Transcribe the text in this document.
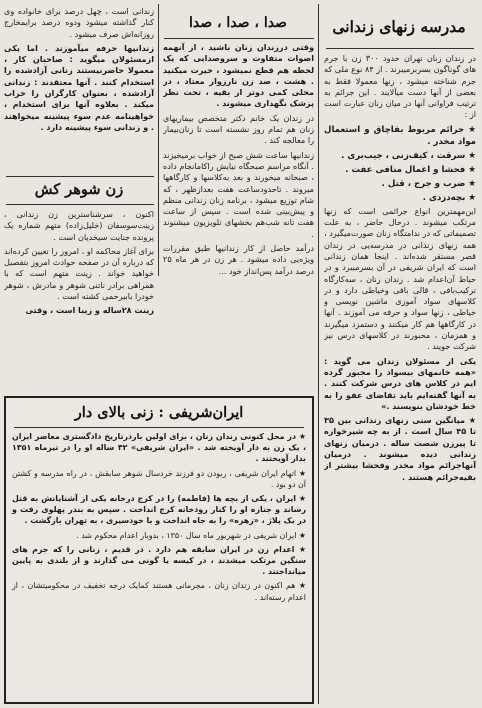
مدرسه زنهای زندانی

در زندان زنان تهران حدود ۳۰۰ زن با جرم های گوناگون بسربرمیبرند . از ۸۴ نوع ملی که جرم شناخته میشود ، زنها معمولا فقط به بعضی از آنها دست میآلایند . این جرائم به ترتیب فراوانی آنها در میان زنان عبارت است از :

★ جرائم مربوط بقاچاق و استعمال مواد مخدر .
★ سرقت ، کیف‌زنی ، جیب‌بری .
★ فحشا و اعمال منافی عفت .
★ ضرب و جرح ، قتل .
★ بچه‌دزدی .

این‌مهمترین انواع جرائمی است که زنها مرتکب میشوند . درحال حاضر ، به علت تصمیماتی که در ندامتگاه زنان صورت‌میگیرد ، همه زنهای زندانی در مدرسه‌یی در زندان قصر مستقر شده‌اند . اینجا همان زندانی است که ایران شریفی در آن بسر‌میبرد و در حیاط آن‌اعدام شد . زندان زنان ، سه‌کارگاه ترکیب‌بافی ، قالی بافی وخیاطی دارد و در کلاسهای سواد آموزی ماشین نویسی و خیاطی ، زنها سواد و حرفه می آموزند . آنها در کارگاهها هم کار میکنند و دستمزد میگیرند و همزمان ، محبورند در کلاسهای درس نیز شرکت جویند .

یکی از مسئولان زندان می گوید : «همه خانمهای بیسواد را مجبور گرده ایم در کلاس های درس شرکت کنند . به آنها گفته‌ایم باید تقاضای عفو را به خط خودشان بنویسند .»

★ میانگین سنی زنهای زندانی بین ۳۵ تا ۴۵ سال است . از به چه شیرخواره تا پیرزن شصت ساله . درمیان زنهای زندانی دیده میشوند . درمیان آنهاجرائم مواد مخدر وفحشا بیشتر از بقیه‌جرائم هستند .

صدا ، صدا ، صدا

وقتی درزندان زنان باشید ، از آنهمه اصوات متفاوت و سروصدایی که یک لحظه هم قطع نمیشود ، حیرت میکنید . هشت ، صد زن نارزوار معتاد ، در محلی کمی دوتر از بقیه ، تحت نظر پزشک نگهداری میشوند .

در زندان یک خانم دکتر متخصص بیماریهای زنان هم تمام روز نشسته است تا زنان‌بیمار را معالجه کند .

زندانیها ساعت شش صبح از خواب برمیخیزند . آنگاه مراسم صبحگاه نیایش راکامانجام داده ، صبحانه میخورند و بعد به‌کلاسها و کارگاهها میروند . تاحدودساعت هفت بعدازظهر ، که شام توزیع میشود ، برنامه زنان زندانی منظم و پیش‌بینی شده است . سپس از ساعت هفت تانه شب‌هم بخشهای تلویزیون میشنوند .

درآمد حاصل از کار زندانیها طبق مقررات ویژه‌یی داده میشود . هر زن در هر ماه ۲۵ درصد درآمد پس‌انداز خود ...

زندانی است ، چهل درصد برای خانواده وی کنار گذاشته میشود ودوه درصد برایمخارج روزانه‌اش صرف میشود .

زندانیها حرفه میآموزند . اما یکی ازمسئولان میگوید : صاحبان کار ، معمولا حاضرنیستند زنانی آزادشده را استخدام کنند . آنها معتقدند : زندانی آزادشده ، بعنوان کارگران را خراب میکند . بعلاوه آنها برای استخدام ، خواهینامه عدم سوء پیشینه میخواهند . و زندانی سوء پیشینه دارد .

زن شوهر کش

اکنون ، سرشناسترین زن زندانی ، زینت‌سوسفان (خلیل‌زاده) متهم شماره یک پرونده جنایت سیخدیان است .

برای آغاز محاکمه او ، امروز را تعیین کرده‌اند که درباره آن در صفحه حوادث امروز بتفصیل خواهید خواند . زینت متهم است که با همراهی برادر ناتنی شوهر و مادرش ، شوهر خودرا بابیرحمی کشته است .

زینت ۲۸ساله و زیبا است ، وقتی

ایران‌شریفی : زنی بالای دار

★ در محل کنونی زندان زنان ، برای اولین باردرتاریخ دادگستری معاصر ایران ، یک زن به دار آویخته شد . «ایران شریفی» ۴۲ ساله او را در تیرماه ۱۳۵۱ بدار آویختند .

★ اتهام ایران شریفی ، ربودن دو فرزند خردسال شوهر سابقش ، در راه مدرسه و کشتن آن دو بود .

★ ایران ، یکی از بچه ها (فاطمه) را در کرج درخانه یکی از آشنایانش به قتل رساند و جنازه او را کنار رودخانه کرج انداخت . سپس به بندر پهلوی رفت و در یک پلاژ ، «زهره» را به جاه انداخت و با خودسیری ، به تهران بازگشت .

★ ایران شریفی در شهریور ماه سال ۱۳۵۰ ، بدوبار اعدام محکوم شد .

★ اعدام زن در ایران سابقه هم دارد . در قدیم ، زنانی را که جرم های سنگین مرتکب میشدند ، در کیسه یا گونی می گذارند و از بلندی به پایین میانداختند .

★ هم اکنون در زندان زنان ، مجرمانی هستند کمایک درجه تخفیف در محکومیتشان ، از اعدام رسته‌اند .
